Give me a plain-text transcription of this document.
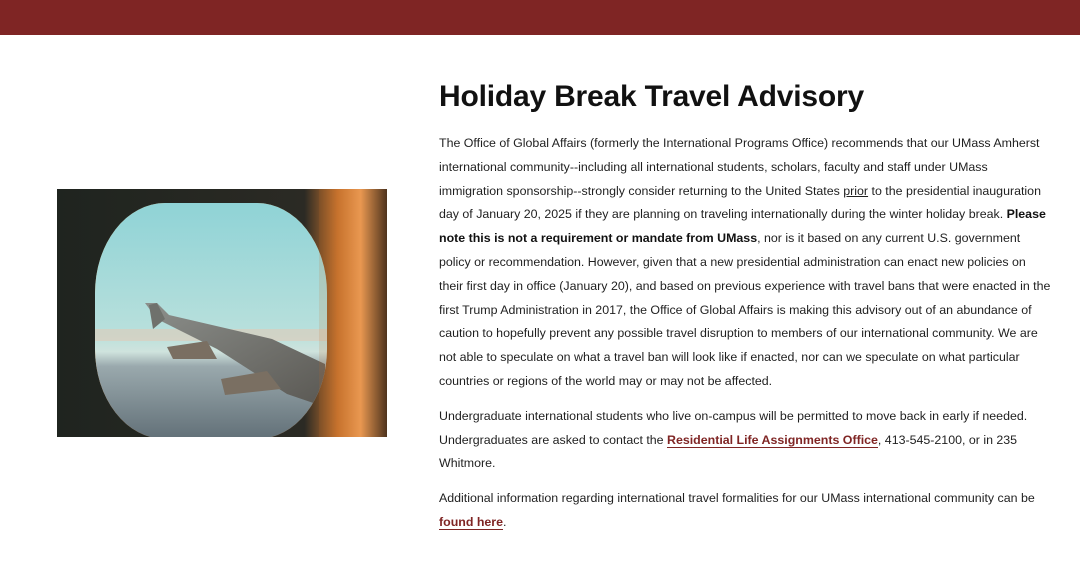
Holiday Break Travel Advisory

The Office of Global Affairs (formerly the International Programs Office) recommends that our UMass Amherst international community--including all international students, scholars, faculty and staff under UMass immigration sponsorship--strongly consider returning to the United States prior to the presidential inauguration day of January 20, 2025 if they are planning on traveling internationally during the winter holiday break. Please note this is not a requirement or mandate from UMass, nor is it based on any current U.S. government policy or recommendation. However, given that a new presidential administration can enact new policies on their first day in office (January 20), and based on previous experience with travel bans that were enacted in the first Trump Administration in 2017, the Office of Global Affairs is making this advisory out of an abundance of caution to hopefully prevent any possible travel disruption to members of our international community. We are not able to speculate on what a travel ban will look like if enacted, nor can we speculate on what particular countries or regions of the world may or may not be affected.

Undergraduate international students who live on-campus will be permitted to move back in early if needed. Undergraduates are asked to contact the Residential Life Assignments Office, 413-545-2100, or in 235 Whitmore.

Additional information regarding international travel formalities for our UMass international community can be found here.
